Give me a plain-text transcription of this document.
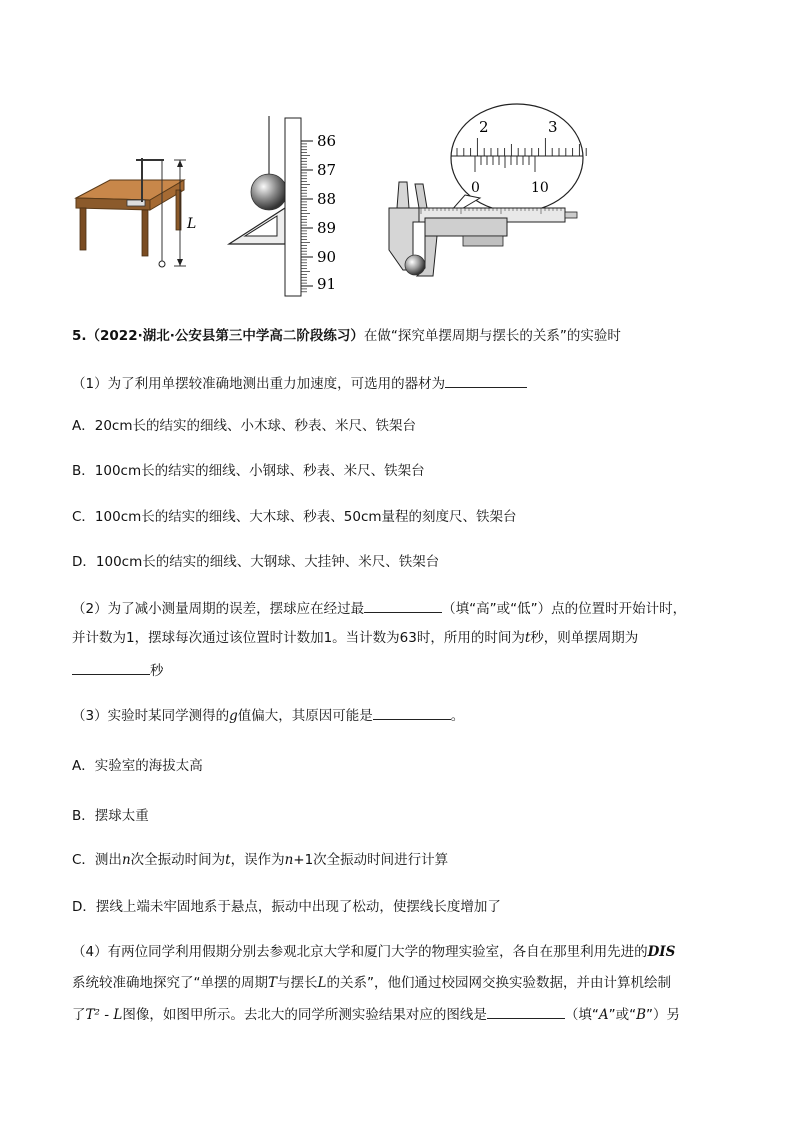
L
86
87
88
89
90
91
2	3
0	10
5.（2022·湖北·公安县第三中学高二阶段练习）在做“探究单摆周期与摆长的关系”的实验时
（1）为了利用单摆较准确地测出重力加速度，可选用的器材为
A．20cm长的结实的细线、小木球、秒表、米尺、铁架台
B．100cm长的结实的细线、小钢球、秒表、米尺、铁架台
C．100cm长的结实的细线、大木球、秒表、50cm量程的刻度尺、铁架台
D．100cm长的结实的细线、大钢球、大挂钟、米尺、铁架台
（2）为了减小测量周期的误差，摆球应在经过最	（填“高”或“低”）点的位置时开始计时，
并计数为1，摆球每次通过该位置时计数加1。当计数为63时，所用的时间为t秒，则单摆周期为
秒
（3）实验时某同学测得的g值偏大，其原因可能是	。
A．实验室的海拔太高
B．摆球太重
C．测出n次全振动时间为t，误作为n+1次全振动时间进行计算
D．摆线上端未牢固地系于悬点，振动中出现了松动，使摆线长度增加了
（4）有两位同学利用假期分别去参观北京大学和厦门大学的物理实验室，各自在那里利用先进的DIS
系统较准确地探究了“单摆的周期T与摆长L的关系”，他们通过校园网交换实验数据，并由计算机绘制
了T² - L图像，如图甲所示。去北大的同学所测实验结果对应的图线是	（填“A”或“B”）另
